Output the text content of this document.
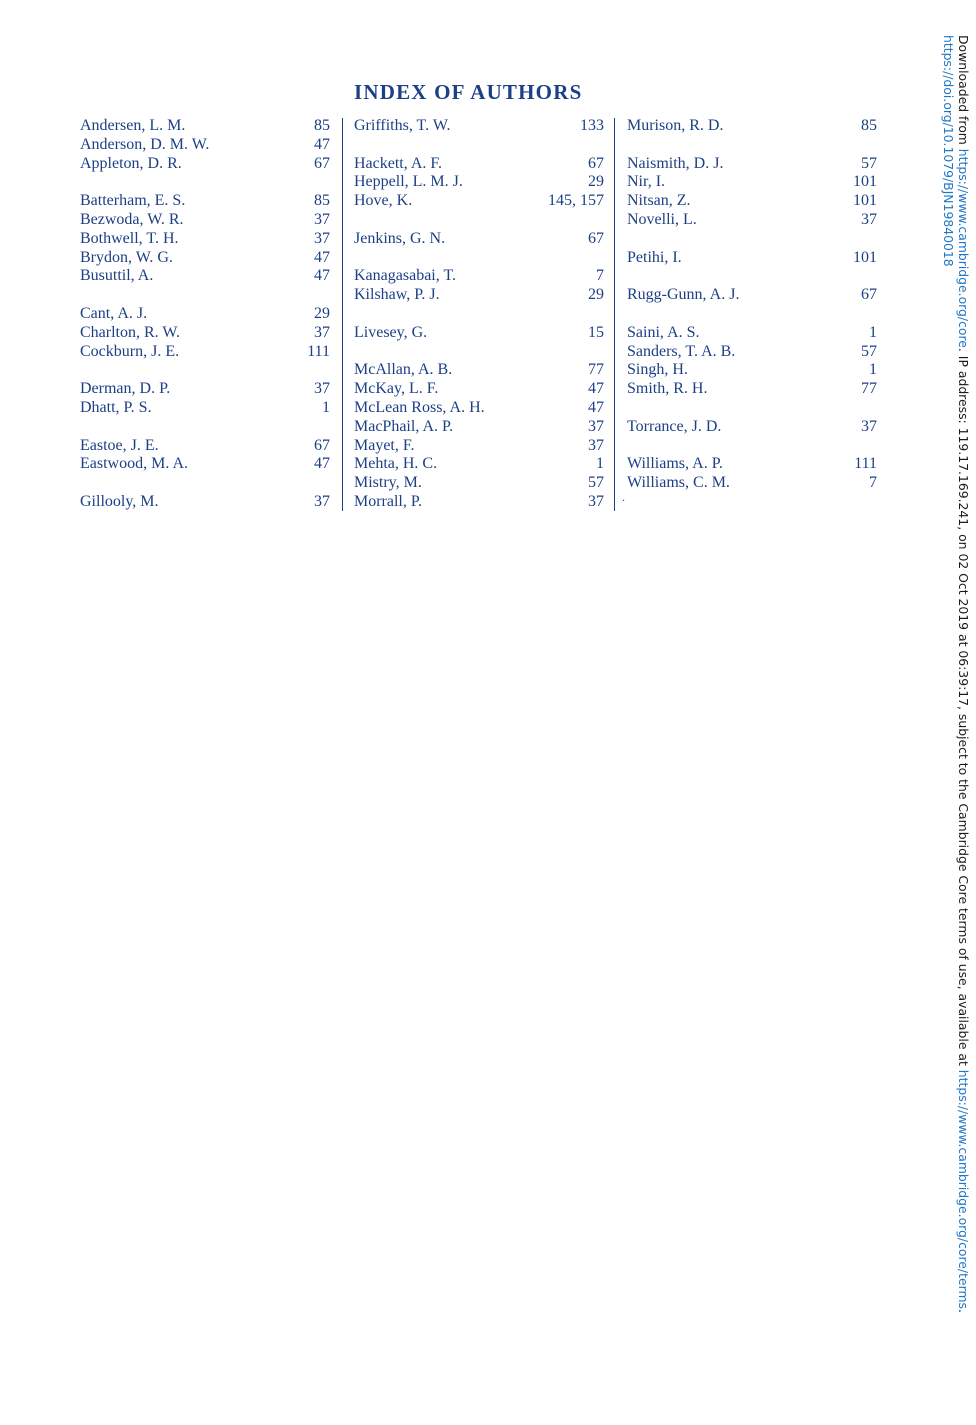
INDEX OF AUTHORS
Andersen, L. M.	85
Anderson, D. M. W.	47
Appleton, D. R.	67
Batterham, E. S.	85
Bezwoda, W. R.	37
Bothwell, T. H.	37
Brydon, W. G.	47
Busuttil, A.	47
Cant, A. J.	29
Charlton, R. W.	37
Cockburn, J. E.	111
Derman, D. P.	37
Dhatt, P. S.	1
Eastoe, J. E.	67
Eastwood, M. A.	47
Gillooly, M.	37
Griffiths, T. W.	133
Hackett, A. F.	67
Heppell, L. M. J.	29
Hove, K.	145, 157
Jenkins, G. N.	67
Kanagasabai, T.	7
Kilshaw, P. J.	29
Livesey, G.	15
McAllan, A. B.	77
McKay, L. F.	47
McLean Ross, A. H.	47
MacPhail, A. P.	37
Mayet, F.	37
Mehta, H. C.	1
Mistry, M.	57
Morrall, P.	37
Murison, R. D.	85
Naismith, D. J.	57
Nir, I.	101
Nitsan, Z.	101
Novelli, L.	37
Petihi, I.	101
Rugg-Gunn, A. J.	67
Saini, A. S.	1
Sanders, T. A. B.	57
Singh, H.	1
Smith, R. H.	77
Torrance, J. D.	37
Williams, A. P.	111
Williams, C. M.	7
.
Downloaded from https://www.cambridge.org/core. IP address: 119.17.169.241, on 02 Oct 2019 at 06:39:17, subject to the Cambridge Core terms of use, available at https://www.cambridge.org/core/terms.
https://doi.org/10.1079/BJN19840018
